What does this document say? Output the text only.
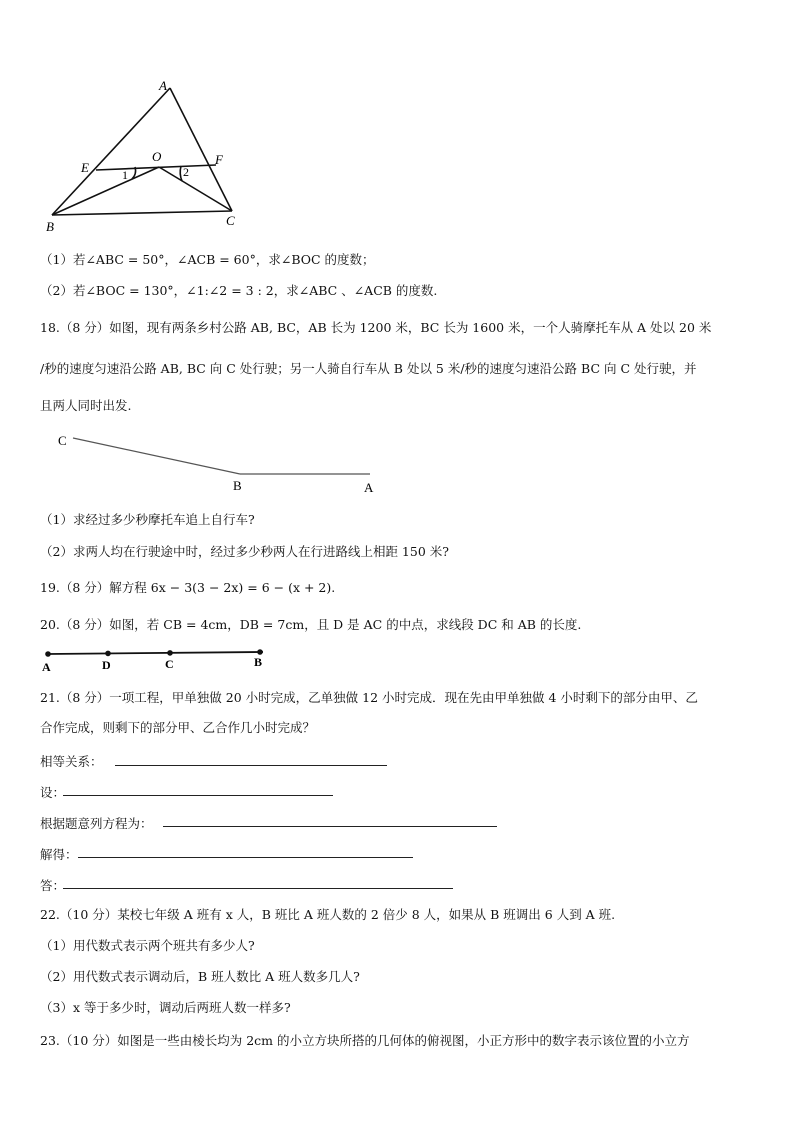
A
E
O	F
1	2
B	C
（1）若∠ABC = 50°，∠ACB = 60°，求∠BOC 的度数；
（2）若∠BOC = 130°，∠1:∠2 = 3 : 2，求∠ABC 、∠ACB 的度数.
18.（8 分）如图，现有两条乡村公路 AB, BC，AB 长为 1200 米，BC 长为 1600 米，一个人骑摩托车从 A 处以 20 米
/秒的速度匀速沿公路 AB, BC 向 C 处行驶；另一人骑自行车从 B 处以 5 米/秒的速度匀速沿公路 BC 向 C 处行驶，并
且两人同时出发.
C
B	A
（1）求经过多少秒摩托车追上自行车?
（2）求两人均在行驶途中时，经过多少秒两人在行进路线上相距 150 米?
19.（8 分）解方程 6x − 3(3 − 2x) = 6 − (x + 2).
20.（8 分）如图，若 CB = 4cm，DB = 7cm，且 D 是 AC 的中点，求线段 DC 和 AB 的长度.
A	D	C	B
21.（8 分）一项工程，甲单独做 20 小时完成，乙单独做 12 小时完成．现在先由甲单独做 4 小时剩下的部分由甲、乙
合作完成，则剩下的部分甲、乙合作几小时完成？
相等关系：
设：
根据题意列方程为：
解得：
答：
22.（10 分）某校七年级 A 班有 x 人，B 班比 A 班人数的 2 倍少 8 人，如果从 B 班调出 6 人到 A 班.
（1）用代数式表示两个班共有多少人?
（2）用代数式表示调动后，B 班人数比 A 班人数多几人?
（3）x 等于多少时，调动后两班人数一样多?
23.（10 分）如图是一些由棱长均为 2cm 的小立方块所搭的几何体的俯视图，小正方形中的数字表示该位置的小立方
